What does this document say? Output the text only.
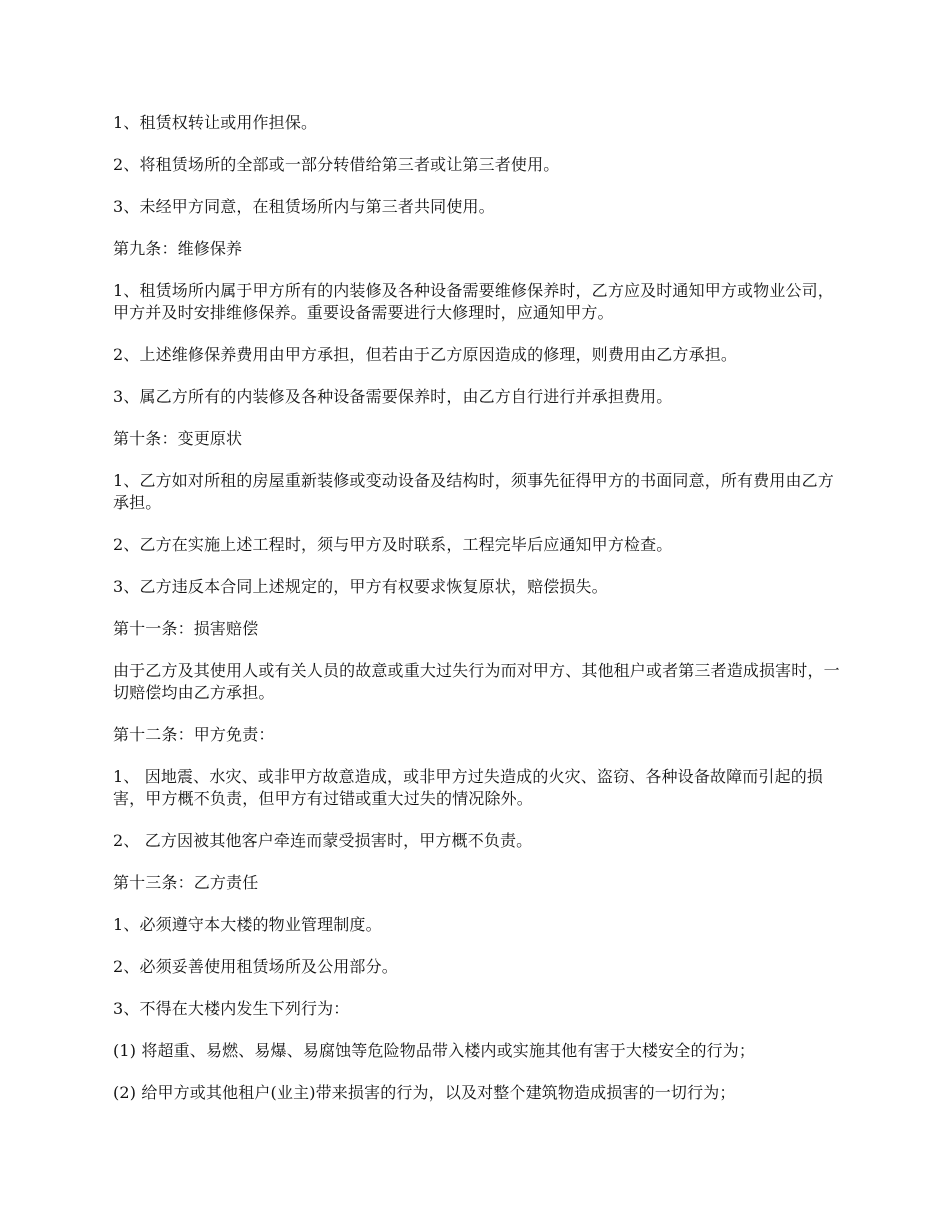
1、租赁权转让或用作担保。

2、将租赁场所的全部或一部分转借给第三者或让第三者使用。

3、未经甲方同意，在租赁场所内与第三者共同使用。

第九条：维修保养

1、租赁场所内属于甲方所有的内装修及各种设备需要维修保养时，乙方应及时通知甲方或物业公司，甲方并及时安排维修保养。重要设备需要进行大修理时，应通知甲方。

2、上述维修保养费用由甲方承担，但若由于乙方原因造成的修理，则费用由乙方承担。

3、属乙方所有的内装修及各种设备需要保养时，由乙方自行进行并承担费用。

第十条：变更原状

1、乙方如对所租的房屋重新装修或变动设备及结构时，须事先征得甲方的书面同意，所有费用由乙方承担。

2、乙方在实施上述工程时，须与甲方及时联系，工程完毕后应通知甲方检查。

3、乙方违反本合同上述规定的，甲方有权要求恢复原状，赔偿损失。

第十一条：损害赔偿

由于乙方及其使用人或有关人员的故意或重大过失行为而对甲方、其他租户或者第三者造成损害时，一切赔偿均由乙方承担。

第十二条：甲方免责：

1、 因地震、水灾、或非甲方故意造成，或非甲方过失造成的火灾、盗窃、各种设备故障而引起的损害，甲方概不负责，但甲方有过错或重大过失的情况除外。

2、 乙方因被其他客户牵连而蒙受损害时，甲方概不负责。

第十三条：乙方责任

1、必须遵守本大楼的物业管理制度。

2、必须妥善使用租赁场所及公用部分。

3、不得在大楼内发生下列行为：

(1) 将超重、易燃、易爆、易腐蚀等危险物品带入楼内或实施其他有害于大楼安全的行为；

(2) 给甲方或其他租户(业主)带来损害的行为，以及对整个建筑物造成损害的一切行为；
